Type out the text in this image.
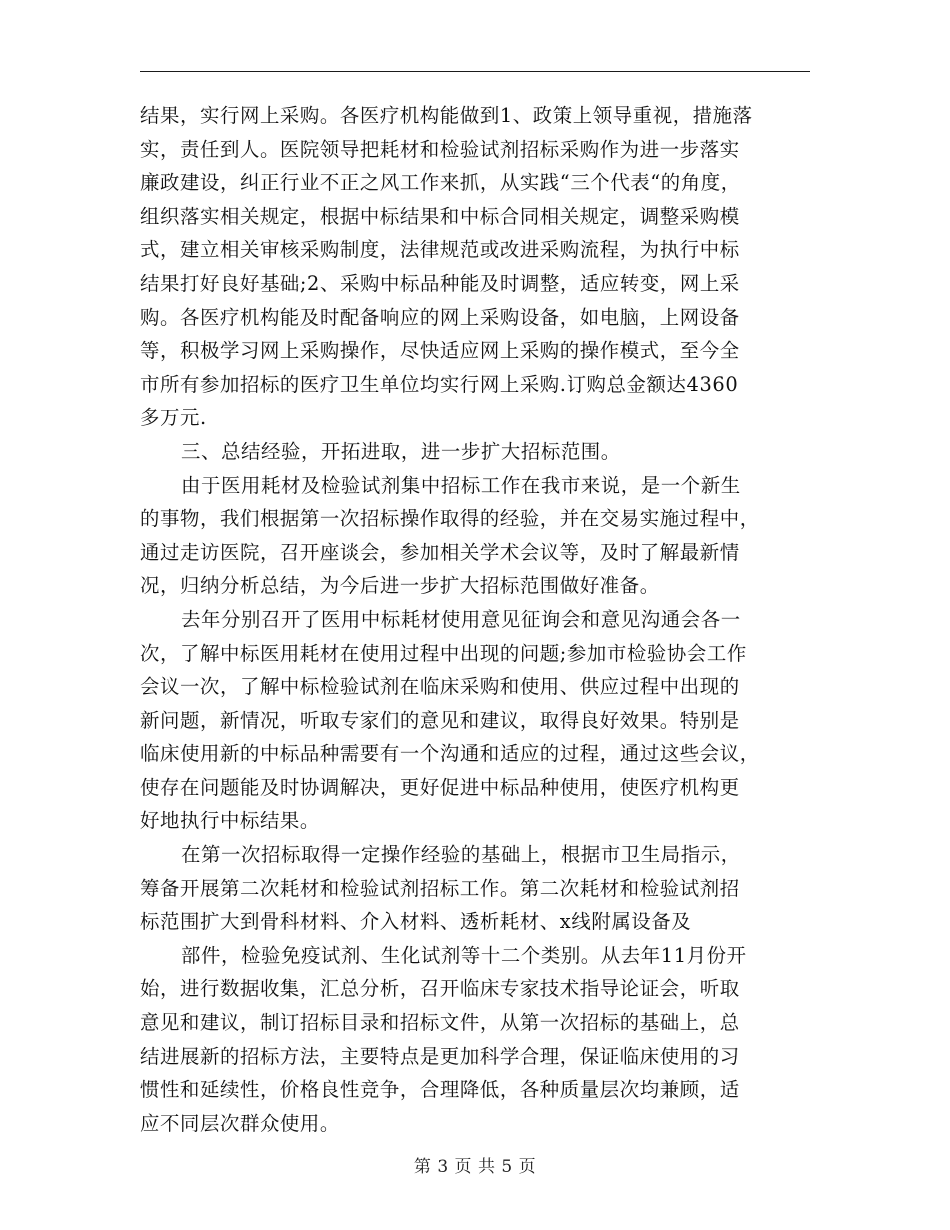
结果，实行网上采购。各医疗机构能做到1、政策上领导重视，措施落
实，责任到人。医院领导把耗材和检验试剂招标采购作为进一步落实
廉政建设，纠正行业不正之风工作来抓，从实践“三个代表“的角度，
组织落实相关规定，根据中标结果和中标合同相关规定，调整采购模
式，建立相关审核采购制度，法律规范或改进采购流程，为执行中标
结果打好良好基础;2、采购中标品种能及时调整，适应转变，网上采
购。各医疗机构能及时配备响应的网上采购设备，如电脑，上网设备
等，积极学习网上采购操作，尽快适应网上采购的操作模式，至今全
市所有参加招标的医疗卫生单位均实行网上采购.订购总金额达4360
多万元.

三、总结经验，开拓进取，进一步扩大招标范围。

由于医用耗材及检验试剂集中招标工作在我市来说，是一个新生
的事物，我们根据第一次招标操作取得的经验，并在交易实施过程中，
通过走访医院，召开座谈会，参加相关学术会议等，及时了解最新情
况，归纳分析总结，为今后进一步扩大招标范围做好准备。

去年分别召开了医用中标耗材使用意见征询会和意见沟通会各一
次，了解中标医用耗材在使用过程中出现的问题;参加市检验协会工作
会议一次，了解中标检验试剂在临床采购和使用、供应过程中出现的
新问题，新情况，听取专家们的意见和建议，取得良好效果。特别是
临床使用新的中标品种需要有一个沟通和适应的过程，通过这些会议，
使存在问题能及时协调解决，更好促进中标品种使用，使医疗机构更
好地执行中标结果。

在第一次招标取得一定操作经验的基础上，根据市卫生局指示，
筹备开展第二次耗材和检验试剂招标工作。第二次耗材和检验试剂招
标范围扩大到骨科材料、介入材料、透析耗材、x线附属设备及

部件，检验免疫试剂、生化试剂等十二个类别。从去年11月份开
始，进行数据收集，汇总分析，召开临床专家技术指导论证会，听取
意见和建议，制订招标目录和招标文件，从第一次招标的基础上，总
结进展新的招标方法，主要特点是更加科学合理，保证临床使用的习
惯性和延续性，价格良性竞争，合理降低，各种质量层次均兼顾，适
应不同层次群众使用。

第 3 页 共 5 页
